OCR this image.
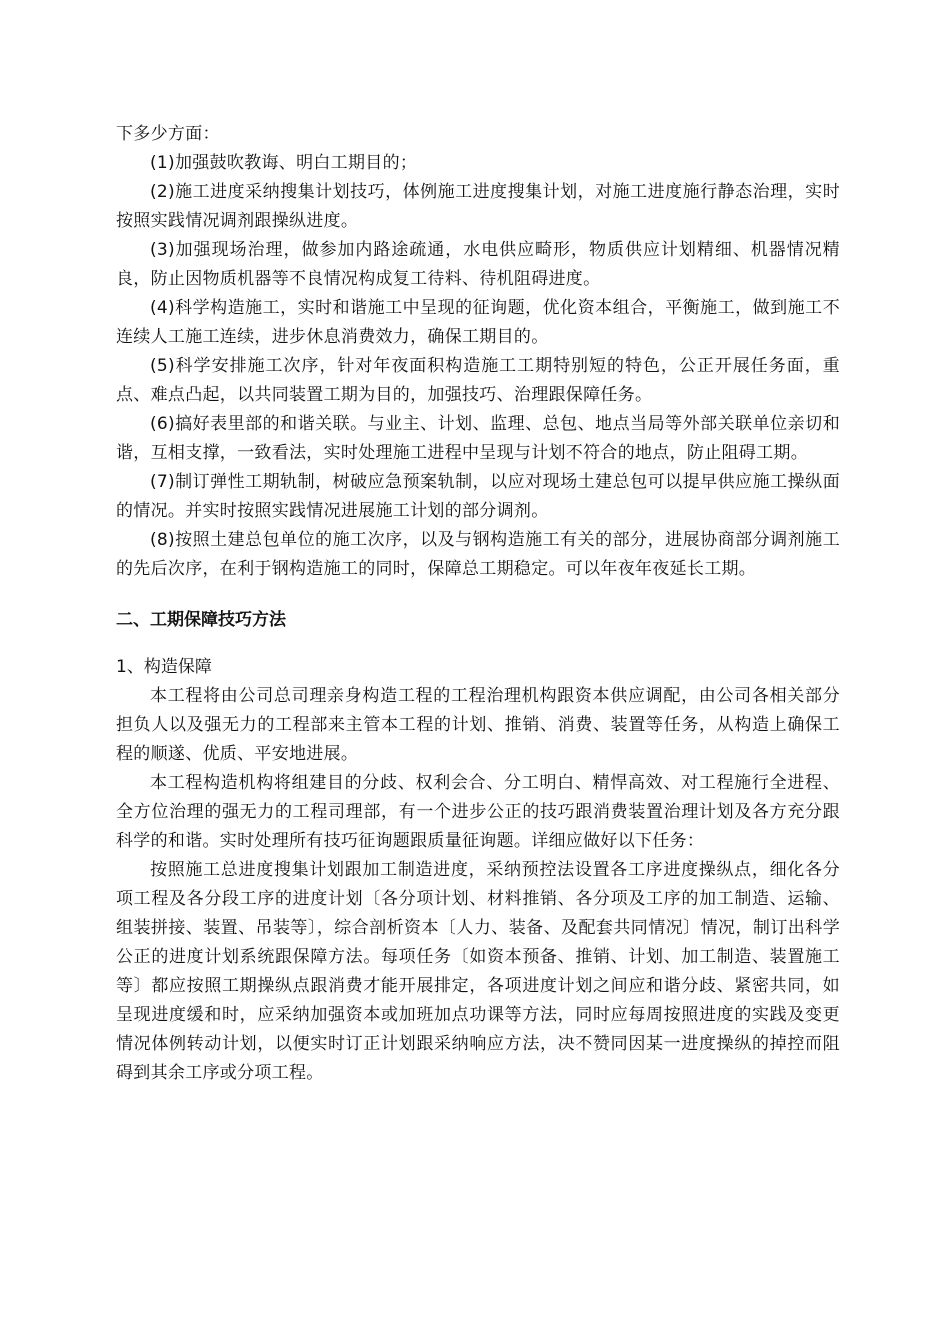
下多少方面：

(1)加强鼓吹教诲、明白工期目的；

(2)施工进度采纳搜集计划技巧，体例施工进度搜集计划，对施工进度施行静态治理，实时按照实践情况调剂跟操纵进度。

(3)加强现场治理，做参加内路途疏通，水电供应畸形，物质供应计划精细、机器情况精良，防止因物质机器等不良情况构成复工待料、待机阻碍进度。

(4)科学构造施工，实时和谐施工中呈现的征询题，优化资本组合，平衡施工，做到施工不连续人工施工连续，进步休息消费效力，确保工期目的。

(5)科学安排施工次序，针对年夜面积构造施工工期特别短的特色，公正开展任务面，重点、难点凸起，以共同装置工期为目的，加强技巧、治理跟保障任务。

(6)搞好表里部的和谐关联。与业主、计划、监理、总包、地点当局等外部关联单位亲切和谐，互相支撑，一致看法，实时处理施工进程中呈现与计划不符合的地点，防止阻碍工期。

(7)制订弹性工期轨制，树破应急预案轨制，以应对现场土建总包可以提早供应施工操纵面的情况。并实时按照实践情况进展施工计划的部分调剂。

(8)按照土建总包单位的施工次序，以及与钢构造施工有关的部分，进展协商部分调剂施工的先后次序，在利于钢构造施工的同时，保障总工期稳定。可以年夜年夜延长工期。

二、工期保障技巧方法

1、构造保障

本工程将由公司总司理亲身构造工程的工程治理机构跟资本供应调配，由公司各相关部分担负人以及强无力的工程部来主管本工程的计划、推销、消费、装置等任务，从构造上确保工程的顺遂、优质、平安地进展。

本工程构造机构将组建目的分歧、权利会合、分工明白、精悍高效、对工程施行全进程、全方位治理的强无力的工程司理部，有一个进步公正的技巧跟消费装置治理计划及各方充分跟科学的和谐。实时处理所有技巧征询题跟质量征询题。详细应做好以下任务：

按照施工总进度搜集计划跟加工制造进度，采纳预控法设置各工序进度操纵点，细化各分项工程及各分段工序的进度计划〔各分项计划、材料推销、各分项及工序的加工制造、运输、组装拼接、装置、吊装等〕，综合剖析资本〔人力、装备、及配套共同情况〕情况，制订出科学公正的进度计划系统跟保障方法。每项任务〔如资本预备、推销、计划、加工制造、装置施工等〕都应按照工期操纵点跟消费才能开展排定，各项进度计划之间应和谐分歧、紧密共同，如呈现进度缓和时，应采纳加强资本或加班加点功课等方法，同时应每周按照进度的实践及变更情况体例转动计划，以便实时订正计划跟采纳响应方法，决不赞同因某一进度操纵的掉控而阻碍到其余工序或分项工程。
